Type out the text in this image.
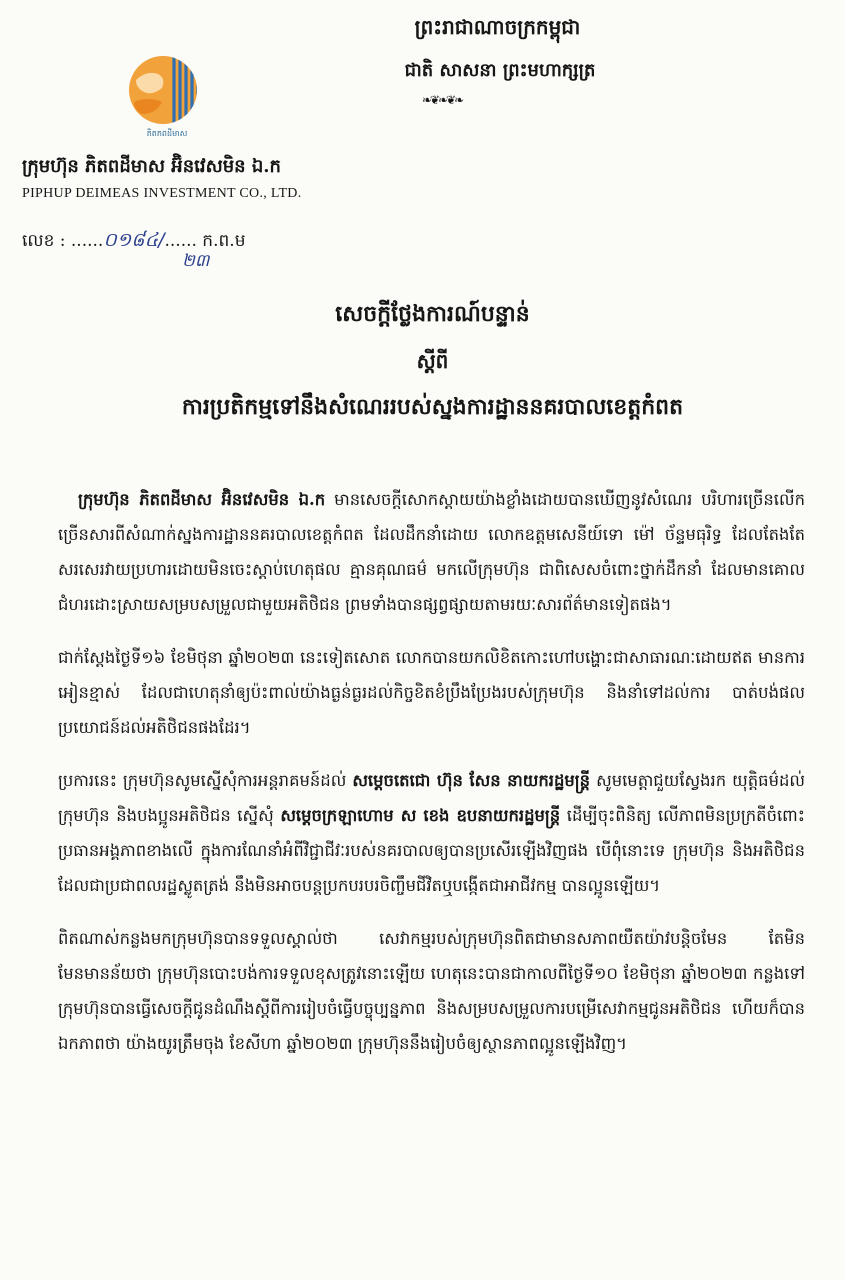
ព្រះរាជាណាចក្រកម្ពុជា
ជាតិ សាសនា ព្រះមហាក្សត្រ
❧❦❧❦❧
ភិតភពដីមាស
ក្រុមហ៊ុន ភិតពដីមាស អ៊ិនវេសមិន ឯ.ក
PIPHUP DEIMEAS INVESTMENT CO., LTD.
លេខ : ......០១៨៤/...... ក.ព.ម
២៣
សេចក្តីថ្លែងការណ៍បន្ទាន់
ស្តីពី
ការប្រតិកម្មទៅនឹងសំណេររបស់ស្នងការដ្ឋាននគរបាលខេត្តកំពត

ក្រុមហ៊ុន ភិតពដីមាស អ៊ិនវេសមិន ឯ.ក មានសេចក្តីសោកស្តាយយ៉ាងខ្លាំងដោយបានឃើញនូវសំណេរ បរិហារច្រើនលើកច្រើនសារពីសំណាក់ស្នងការដ្ឋាននគរបាលខេត្តកំពត ដែលដឹកនាំដោយ លោកឧត្តមសេនីយ៍ទោ ម៉ៅ ច័ន្ទមធុរិទ្ធ ដែលតែងតែសរសេរវាយប្រហារដោយមិនចេះស្តាប់ហេតុផល គ្មានគុណធម៌ មកលើក្រុមហ៊ុន ជាពិសេសចំពោះថ្នាក់ដឹកនាំ ដែលមានគោលជំហរដោះស្រាយសម្របសម្រួលជាមួយអតិថិជន ព្រមទាំងបានផ្សព្វផ្សាយតាមរយៈសារព័ត៌មានទៀតផង។

ជាក់ស្តែងថ្ងៃទី១៦ ខែមិថុនា ឆ្នាំ២០២៣ នេះទៀតសោត លោកបានយកលិខិតកោះហៅបង្ហោះជាសាធារណៈដោយឥត មានការអៀនខ្មាស់ ដែលជាហេតុនាំឲ្យប៉ះពាល់យ៉ាងធ្ងន់ធ្ងរដល់កិច្ចខិតខំប្រឹងប្រែងរបស់ក្រុមហ៊ុន និងនាំទៅដល់ការ បាត់បង់ផលប្រយោជន៍ដល់អតិថិជនផងដែរ។

ប្រការនេះ ក្រុមហ៊ុនសូមស្នើសុំការអន្តរាគមន៍ដល់ សម្តេចតេជោ ហ៊ុន សែន នាយករដ្ឋមន្ត្រី សូមមេត្តាជួយស្វែងរក យុត្តិធម៌ដល់ក្រុមហ៊ុន និងបងប្អូនអតិថិជន ស្នើសុំ សម្តេចក្រឡាហោម ស ខេង ឧបនាយករដ្ឋមន្ត្រី ដើម្បីចុះពិនិត្យ លើភាពមិនប្រក្រតីចំពោះប្រធានអង្គភាពខាងលើ ក្នុងការណែនាំអំពីវិជ្ជាជីវៈរបស់នគរបាលឲ្យបានប្រសើរឡើងវិញផង បើពុំនោះទេ ក្រុមហ៊ុន និងអតិថិជន ដែលជាប្រជាពលរដ្ឋស្លូតត្រង់ នឹងមិនអាចបន្តប្រកបរបរចិញ្ចឹមជីវិតឬបង្កើតជាអាជីវកម្ម បានល្អូនឡើយ។

ពិតណាស់កន្លងមកក្រុមហ៊ុនបានទទួលស្គាល់ថា សេវាកម្មរបស់ក្រុមហ៊ុនពិតជាមានសភាពយឺតយ៉ាវបន្តិចមែន តែមិនមែនមានន័យថា ក្រុមហ៊ុនបោះបង់ការទទួលខុសត្រូវនោះឡើយ ហេតុនេះបានជាកាលពីថ្ងៃទី១០ ខែមិថុនា ឆ្នាំ២០២៣ កន្លងទៅ ក្រុមហ៊ុនបានធ្វើសេចក្តីជូនដំណឹងស្តីពីការរៀបចំធ្វើបច្ចុប្បន្នភាព និងសម្របសម្រួលការបម្រើសេវាកម្មជូនអតិថិជន ហើយក៏បានឯកភាពថា យ៉ាងយូរត្រឹមចុង ខែសីហា ឆ្នាំ២០២៣ ក្រុមហ៊ុននឹងរៀបចំឲ្យស្ថានភាពល្អូនឡើងវិញ។
